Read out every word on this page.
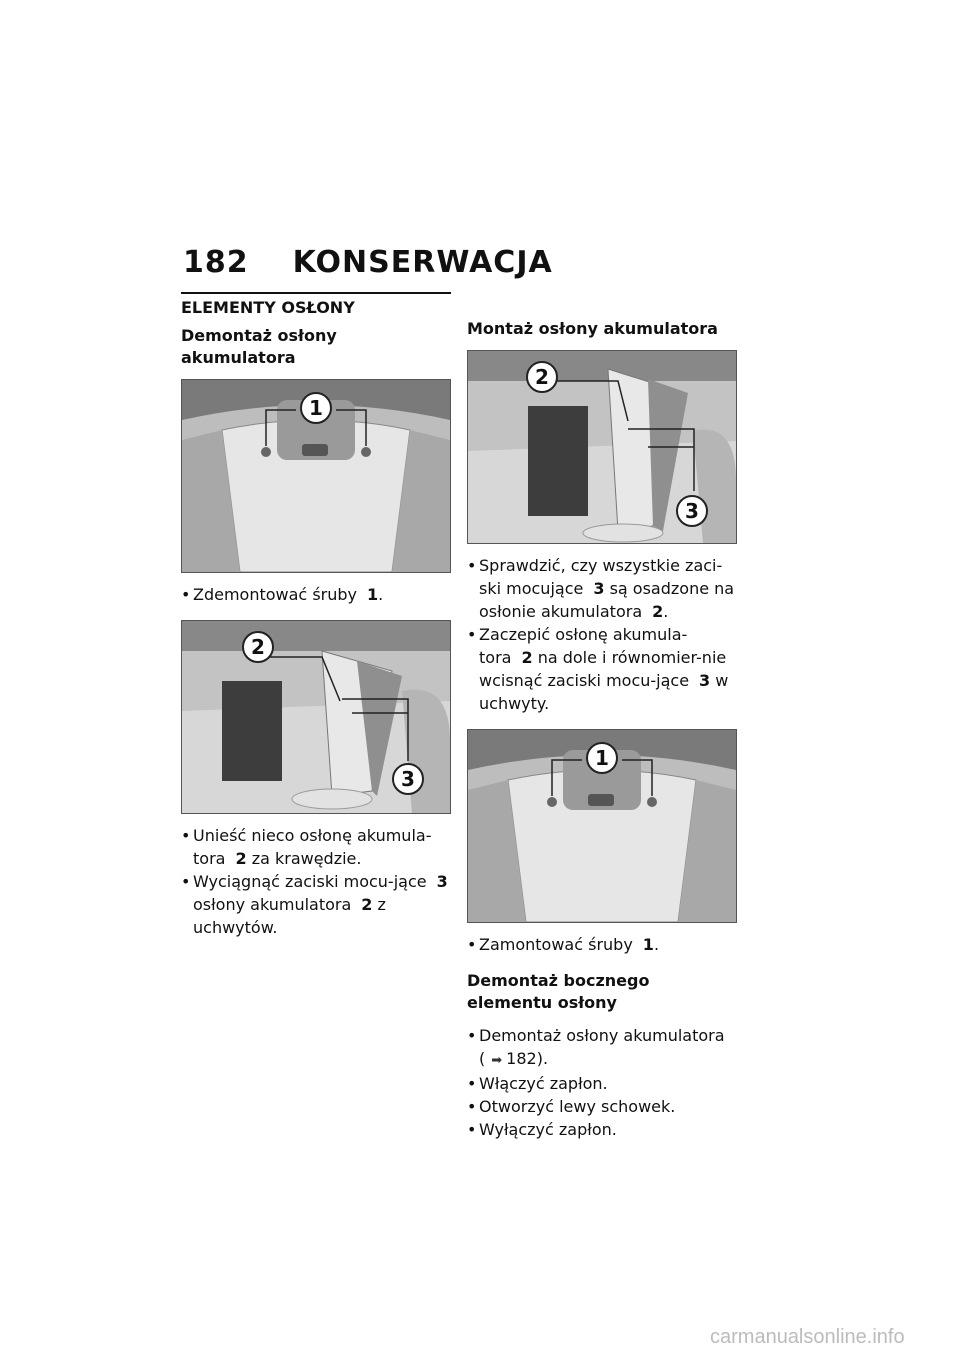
182 KONSERWACJA
ELEMENTY OSŁONY
Demontaż osłony akumulatora
1
• Zdemontować śruby 1.
2
3
• Unieść nieco osłonę akumula-tora 2 za krawędzie.
• Wyciągnąć zaciski mocu-jące 3 osłony akumulatora 2 z uchwytów.
Montaż osłony akumulatora
2
3
• Sprawdzić, czy wszystkie zaci-ski mocujące 3 są osadzone na osłonie akumulatora 2.
• Zaczepić osłonę akumula-tora 2 na dole i równomier-nie wcisnąć zaciski mocu-jące 3 w uchwyty.
1
• Zamontować śruby 1.
Demontaż bocznego elementu osłony
• Demontaż osłony akumulatora
( ➡ 182).
• Włączyć zapłon.
• Otworzyć lewy schowek.
• Wyłączyć zapłon.
carmanualsonline.info
